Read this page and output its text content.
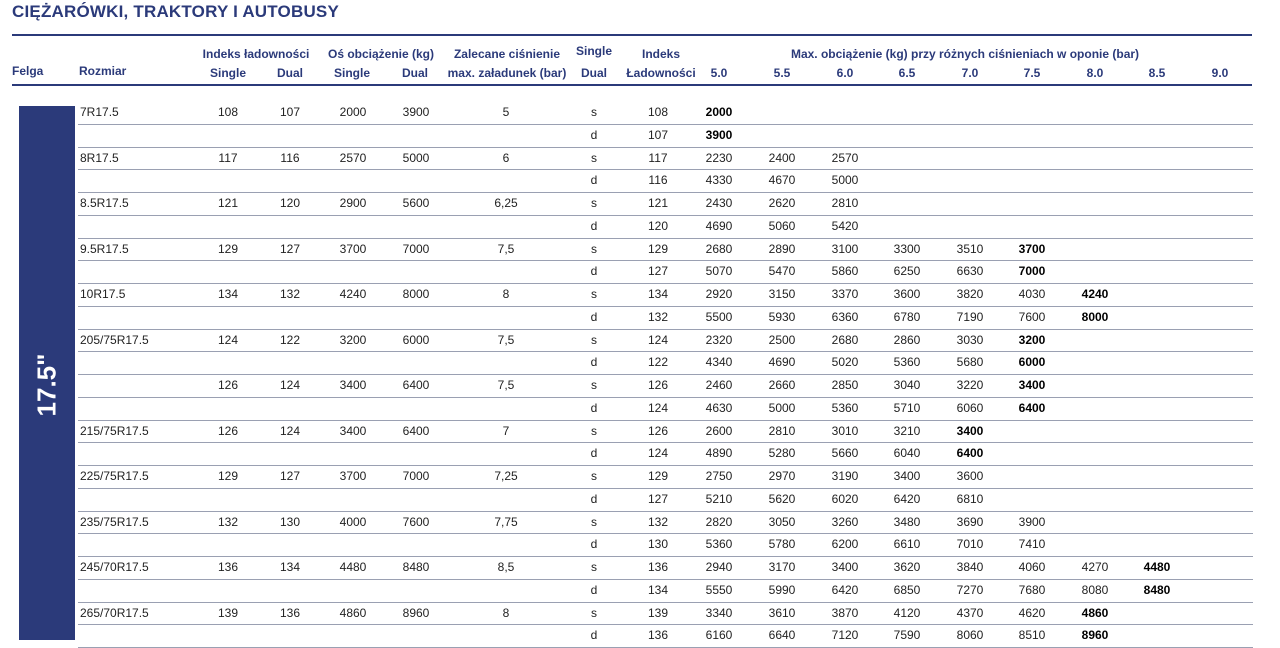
CIĘŻARÓWKI, TRAKTORY I AUTOBUSY
Felga	Rozmiar
Indeks ładowności
Single	Dual
Oś obciążenie (kg)
Single	Dual
Zalecane ciśnienie
max. załadunek (bar)
Single
Dual
Indeks
Ładowności
Max. obciążenie (kg) przy różnych ciśnieniach w oponie (bar)
5.0	5.5	6.0	6.5	7.0	7.5	8.0	8.5	9.0
17.5"
7R17.5	108	107	2000	3900	5	s	108	2000
d	107	3900
8R17.5	117	116	2570	5000	6	s	117	2230	2400	2570
d	116	4330	4670	5000
8.5R17.5	121	120	2900	5600	6,25	s	121	2430	2620	2810
d	120	4690	5060	5420
9.5R17.5	129	127	3700	7000	7,5	s	129	2680	2890	3100	3300	3510	3700
d	127	5070	5470	5860	6250	6630	7000
10R17.5	134	132	4240	8000	8	s	134	2920	3150	3370	3600	3820	4030	4240
d	132	5500	5930	6360	6780	7190	7600	8000
205/75R17.5	124	122	3200	6000	7,5	s	124	2320	2500	2680	2860	3030	3200
d	122	4340	4690	5020	5360	5680	6000
126	124	3400	6400	7,5	s	126	2460	2660	2850	3040	3220	3400
d	124	4630	5000	5360	5710	6060	6400
215/75R17.5	126	124	3400	6400	7	s	126	2600	2810	3010	3210	3400
d	124	4890	5280	5660	6040	6400
225/75R17.5	129	127	3700	7000	7,25	s	129	2750	2970	3190	3400	3600
d	127	5210	5620	6020	6420	6810
235/75R17.5	132	130	4000	7600	7,75	s	132	2820	3050	3260	3480	3690	3900
d	130	5360	5780	6200	6610	7010	7410
245/70R17.5	136	134	4480	8480	8,5	s	136	2940	3170	3400	3620	3840	4060	4270	4480
d	134	5550	5990	6420	6850	7270	7680	8080	8480
265/70R17.5	139	136	4860	8960	8	s	139	3340	3610	3870	4120	4370	4620	4860
d	136	6160	6640	7120	7590	8060	8510	8960
